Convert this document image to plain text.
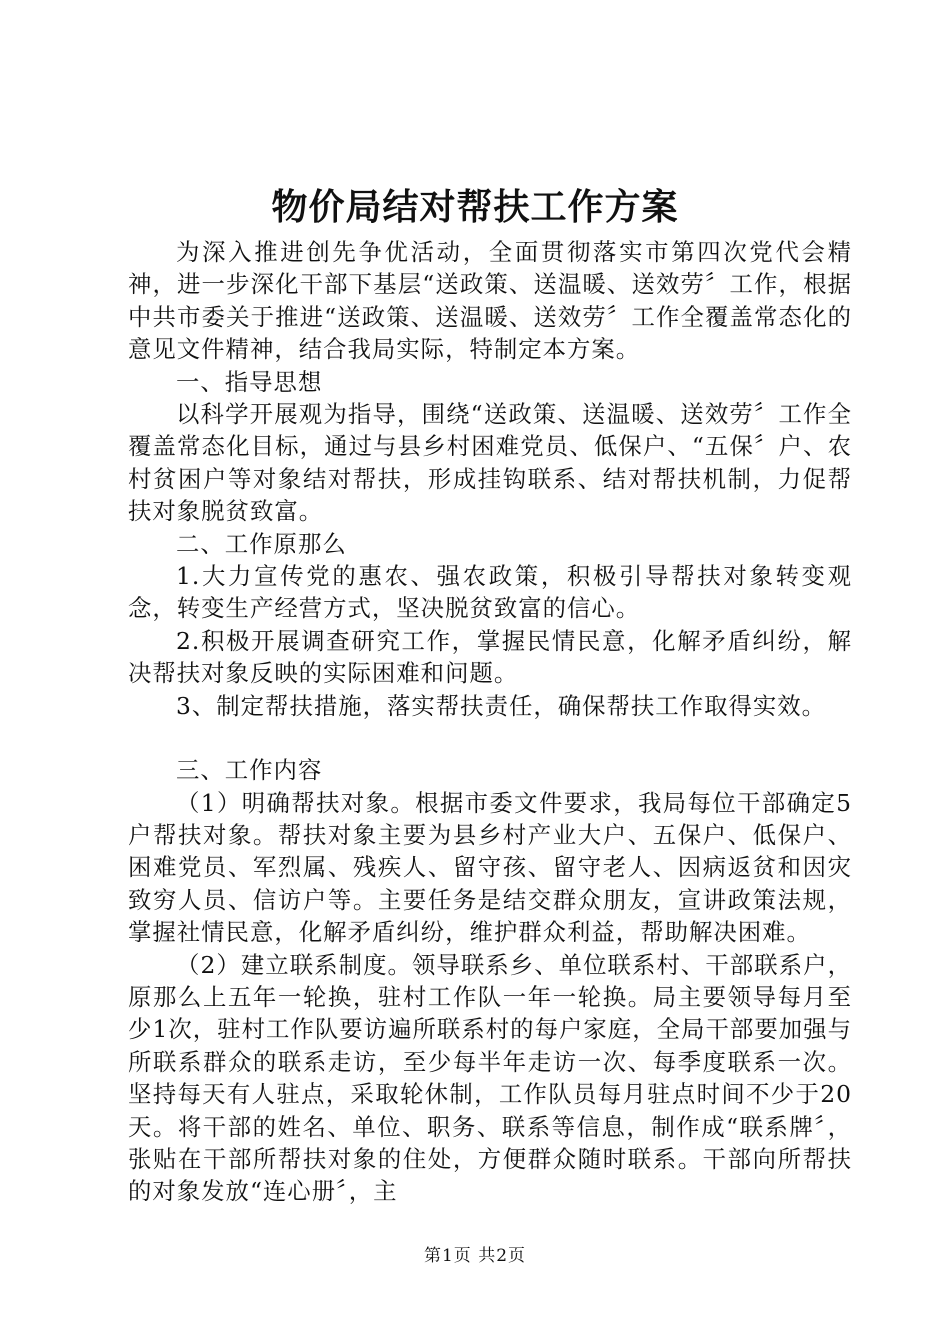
物价局结对帮扶工作方案

为深入推进创先争优活动，全面贯彻落实市第四次党代会精神，进一步深化干部下基层“送政策、送温暖、送效劳〞工作，根据中共市委关于推进“送政策、送温暖、送效劳〞工作全覆盖常态化的意见文件精神，结合我局实际，特制定本方案。

一、指导思想

以科学开展观为指导，围绕“送政策、送温暖、送效劳〞工作全覆盖常态化目标，通过与县乡村困难党员、低保户、“五保〞户、农村贫困户等对象结对帮扶，形成挂钩联系、结对帮扶机制，力促帮扶对象脱贫致富。

二、工作原那么

1.大力宣传党的惠农、强农政策，积极引导帮扶对象转变观念，转变生产经营方式，坚决脱贫致富的信心。

2.积极开展调查研究工作，掌握民情民意，化解矛盾纠纷，解决帮扶对象反映的实际困难和问题。

3、制定帮扶措施，落实帮扶责任，确保帮扶工作取得实效。

三、工作内容

（1）明确帮扶对象。根据市委文件要求，我局每位干部确定5户帮扶对象。帮扶对象主要为县乡村产业大户、五保户、低保户、困难党员、军烈属、残疾人、留守孩、留守老人、因病返贫和因灾致穷人员、信访户等。主要任务是结交群众朋友，宣讲政策法规，掌握社情民意，化解矛盾纠纷，维护群众利益，帮助解决困难。

（2）建立联系制度。领导联系乡、单位联系村、干部联系户，原那么上五年一轮换，驻村工作队一年一轮换。局主要领导每月至少1次，驻村工作队要访遍所联系村的每户家庭，全局干部要加强与所联系群众的联系走访，至少每半年走访一次、每季度联系一次。坚持每天有人驻点，采取轮休制，工作队员每月驻点时间不少于20天。将干部的姓名、单位、职务、联系等信息，制作成“联系牌〞，张贴在干部所帮扶对象的住处，方便群众随时联系。干部向所帮扶的对象发放“连心册〞，主

第1页 共2页
